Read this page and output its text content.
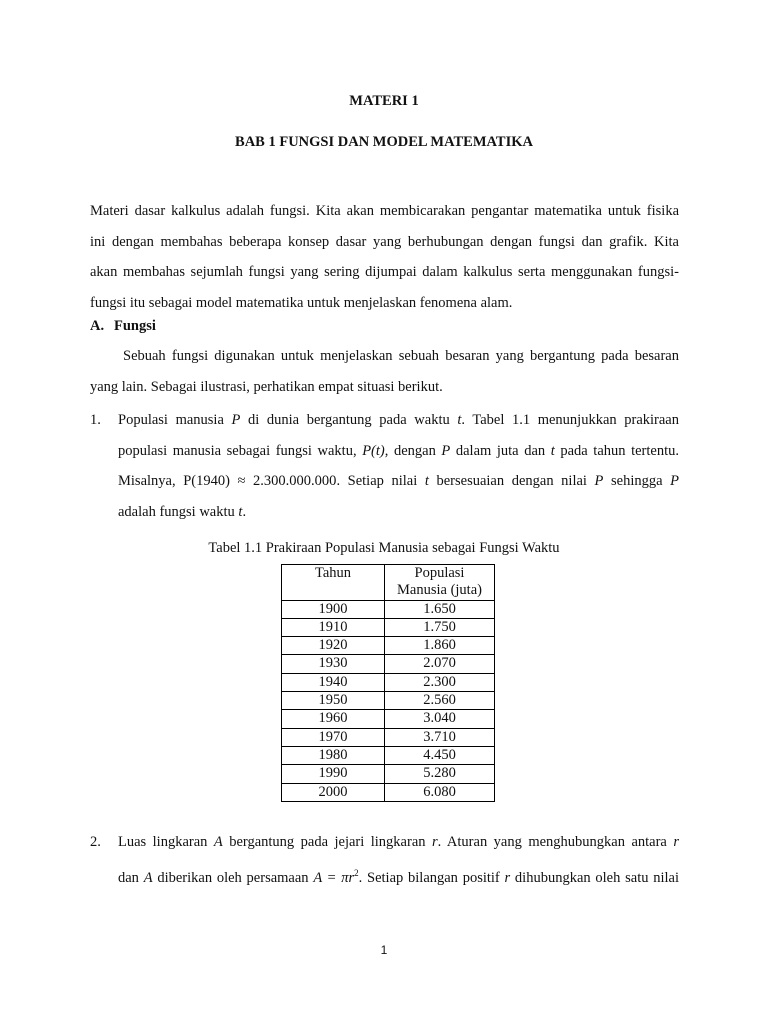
MATERI 1
BAB 1 FUNGSI DAN MODEL MATEMATIKA
Materi dasar kalkulus adalah fungsi. Kita akan membicarakan pengantar matematika untuk fisika
ini dengan membahas beberapa konsep dasar yang berhubungan dengan fungsi dan grafik. Kita
akan membahas sejumlah fungsi yang sering dijumpai dalam kalkulus serta menggunakan fungsi-
fungsi itu sebagai model matematika untuk menjelaskan fenomena alam.
A. Fungsi
Sebuah fungsi digunakan untuk menjelaskan sebuah besaran yang bergantung pada besaran
yang lain. Sebagai ilustrasi, perhatikan empat situasi berikut.
1. Populasi manusia P di dunia bergantung pada waktu t. Tabel 1.1 menunjukkan prakiraan
populasi manusia sebagai fungsi waktu, P(t), dengan P dalam juta dan t pada tahun tertentu.
Misalnya, P(1940) ≈ 2.300.000.000. Setiap nilai t bersesuaian dengan nilai P sehingga P
adalah fungsi waktu t.
Tabel 1.1 Prakiraan Populasi Manusia sebagai Fungsi Waktu
Tahun	Populasi
Manusia (juta)
1900	1.650
1910	1.750
1920	1.860
1930	2.070
1940	2.300
1950	2.560
1960	3.040
1970	3.710
1980	4.450
1990	5.280
2000	6.080
2. Luas lingkaran A bergantung pada jejari lingkaran r. Aturan yang menghubungkan antara r
dan A diberikan oleh persamaan $A = \pi r^2$. Setiap bilangan positif r dihubungkan oleh satu nilai
1
